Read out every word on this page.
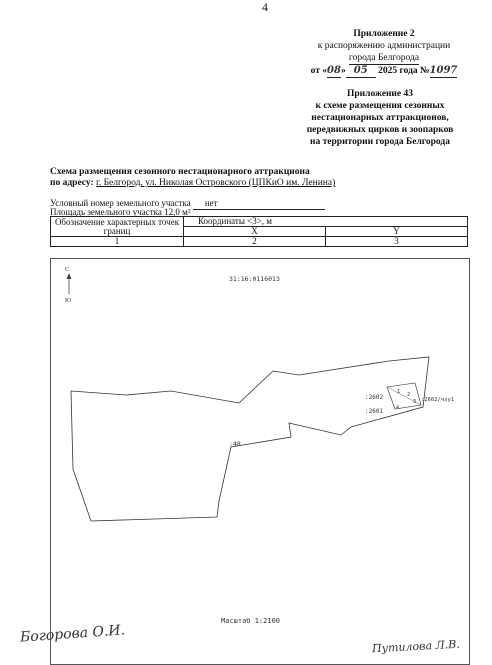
4
Приложение 2
к распоряжению администрации
города Белгорода
от «08» 05 2025 года №1097
Приложение 43
к схеме размещения сезонных
нестационарных аттракционов,
передвижных цирков и зоопарков
на территории города Белгорода
Схема размещения сезонного нестационарного аттракциона
по адресу: г. Белгород, ул. Николая Островского (ЦПКиО им. Ленина)
Условный номер земельного участка нет
Площадь земельного участка 12,0 м²
Обозначение характерных точек границ	Координаты <3>, м	
	X	Y
1	2	3
С
Ю
31:16:0116013
:48
1 2
3
4
:2602	:2602/чзу1
:2601
Масштаб 1:2100
Богорова О.И.
Путилова Л.В.
